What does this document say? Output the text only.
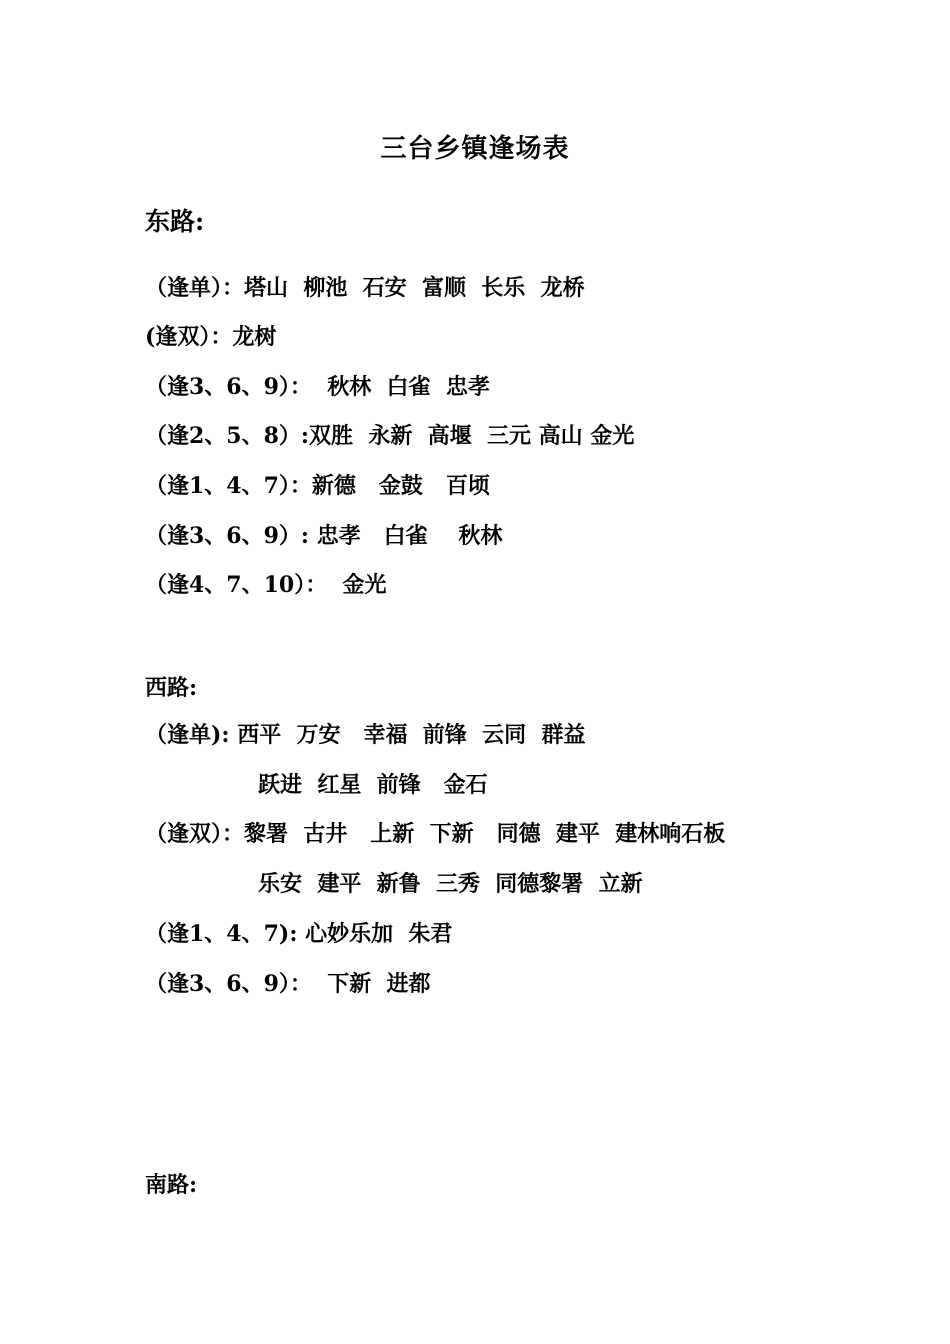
三台乡镇逢场表
东路:
（逢单）：塔山  柳池  石安  富顺  长乐  龙桥
(逢双）：龙树
（逢3、6、9）：  秋林  白雀  忠孝
（逢2、5、8）:双胜  永新  高堰  三元 高山 金光
（逢1、4、7）：新德   金鼓   百顷
（逢3、6、9）: 忠孝   白雀    秋林
（逢4、7、10）：  金光
西路:
（逢单): 西平  万安   幸福  前锋  云同  群益
跃进  红星  前锋   金石
（逢双）：黎署  古井   上新  下新   同德  建平  建林响石板
乐安  建平  新鲁  三秀  同德黎署  立新
（逢1、4、7): 心妙乐加  朱君
（逢3、6、9）：  下新  进都
南路:
